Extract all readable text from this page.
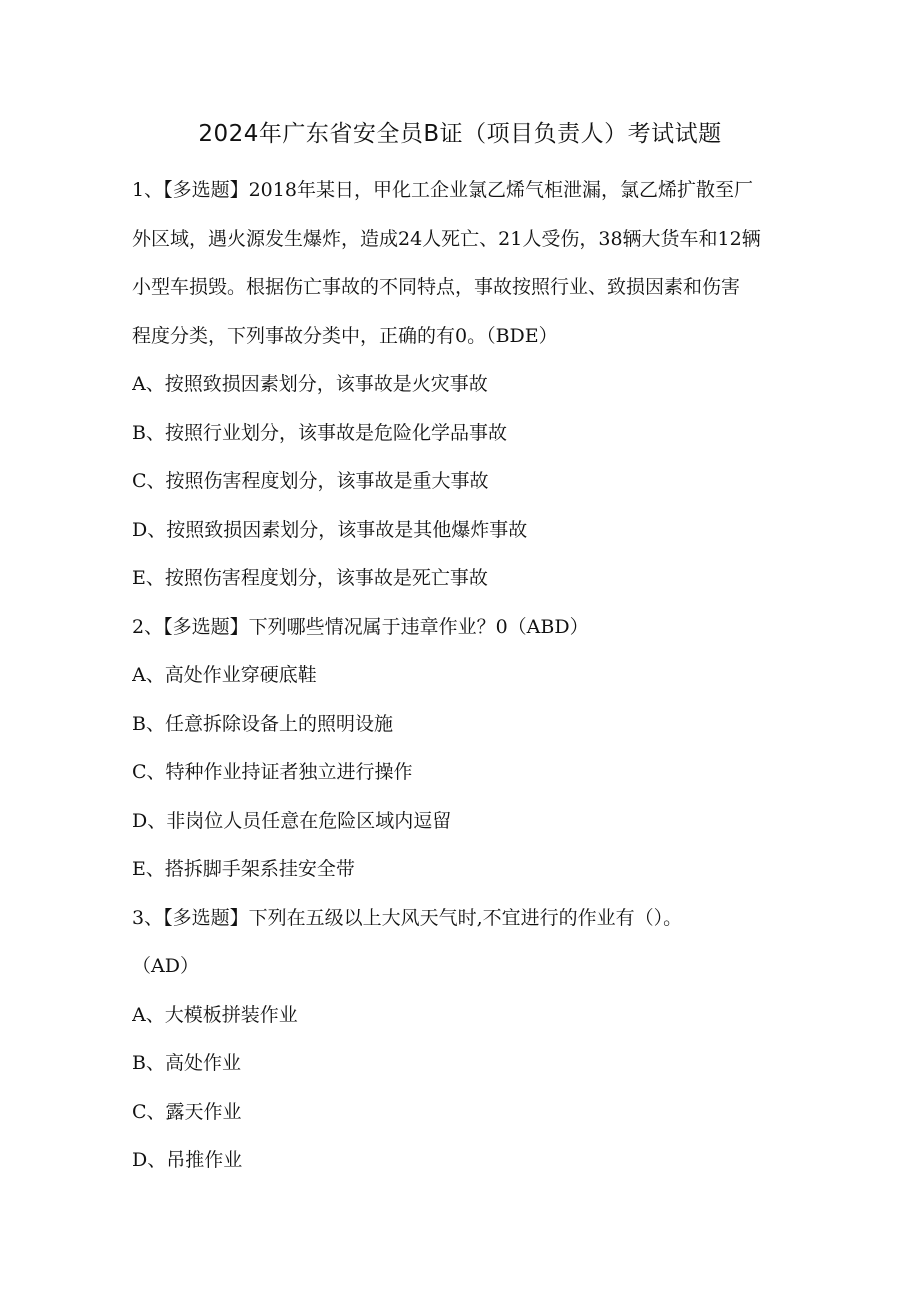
2024年广东省安全员B证（项目负责人）考试试题
1、【多选题】2018年某日，甲化工企业氯乙烯气柜泄漏，氯乙烯扩散至厂
外区域，遇火源发生爆炸，造成24人死亡、21人受伤，38辆大货车和12辆
小型车损毁。根据伤亡事故的不同特点，事故按照行业、致损因素和伤害
程度分类，下列事故分类中，正确的有0。（BDE）
A、按照致损因素划分，该事故是火灾事故
B、按照行业划分，该事故是危险化学品事故
C、按照伤害程度划分，该事故是重大事故
D、按照致损因素划分，该事故是其他爆炸事故
E、按照伤害程度划分，该事故是死亡事故
2、【多选题】下列哪些情况属于违章作业？0（ABD）
A、高处作业穿硬底鞋
B、任意拆除设备上的照明设施
C、特种作业持证者独立进行操作
D、非岗位人员任意在危险区域内逗留
E、搭拆脚手架系挂安全带
3、【多选题】下列在五级以上大风天气时,不宜进行的作业有（）。
（AD）
A、大模板拼装作业
B、高处作业
C、露天作业
D、吊推作业
